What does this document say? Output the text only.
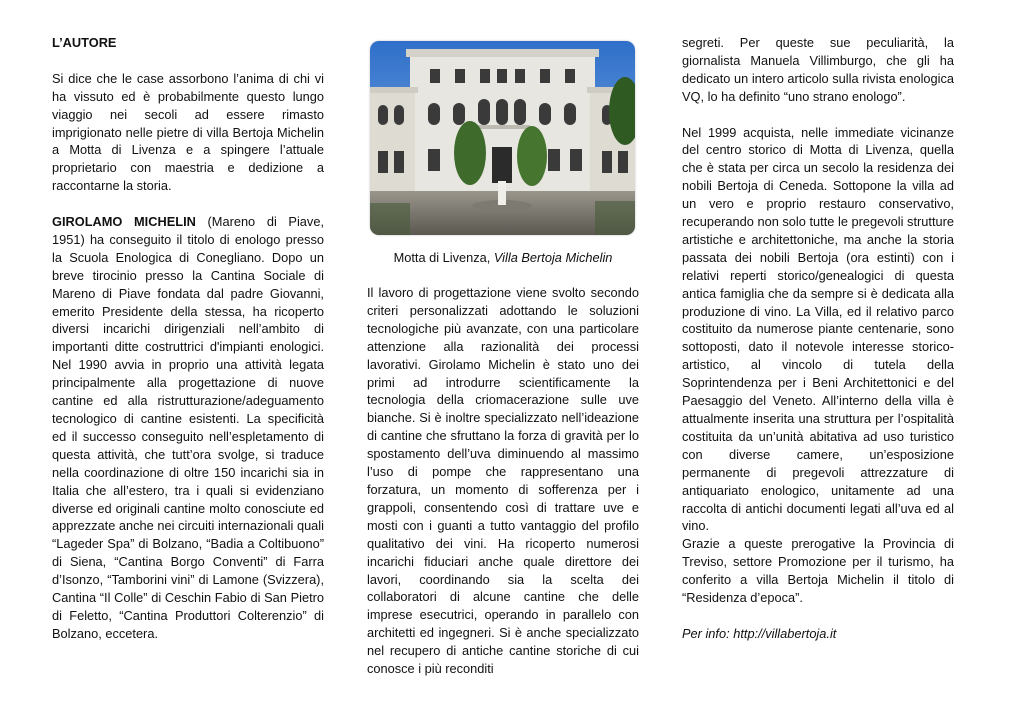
L’AUTORE

Si dice che le case assorbono l’anima di chi vi ha vissuto ed è probabilmente questo lungo viaggio nei secoli ad essere rimasto imprigionato nelle pietre di villa Bertoja Michelin a Motta di Livenza e a spingere l’attuale proprietario con maestria e dedizione a raccontarne la storia.

GIROLAMO MICHELIN (Mareno di Piave, 1951) ha conseguito il titolo di enologo presso la Scuola Enologica di Conegliano. Dopo un breve tirocinio presso la Cantina Sociale di Mareno di Piave fondata dal padre Giovanni, emerito Presidente della stessa, ha ricoperto diversi incarichi dirigenziali nell’ambito di importanti ditte costruttrici d'impianti enologici. Nel 1990 avvia in proprio una attività legata principalmente alla progettazione di nuove cantine ed alla ristrutturazione/adeguamento tecnologico di cantine esistenti. La specificità ed il successo conseguito nell’espletamento di questa attività, che tutt’ora svolge, si traduce nella coordinazione di oltre 150 incarichi sia in Italia che all’estero, tra i quali si evidenziano diverse ed originali cantine molto conosciute ed apprezzate anche nei circuiti internazionali quali “Lageder Spa” di Bolzano, “Badia a Coltibuono” di Siena, “Cantina Borgo Conventi” di Farra d’Isonzo, “Tamborini vini” di Lamone (Svizzera), Cantina “Il Colle” di Ceschin Fabio di San Pietro di Feletto, “Cantina Produttori Colterenzio” di Bolzano, eccetera.

Motta di Livenza, Villa Bertoja Michelin

Il lavoro di progettazione viene svolto secondo criteri personalizzati adottando le soluzioni tecnologiche più avanzate, con una particolare attenzione alla razionalità dei processi lavorativi. Girolamo Michelin è stato uno dei primi ad introdurre scientificamente la tecnologia della criomacerazione sulle uve bianche. Si è inoltre specializzato nell’ideazione di cantine che sfruttano la forza di gravità per lo spostamento dell’uva diminuendo al massimo l’uso di pompe che rappresentano una forzatura, un momento di sofferenza per i grappoli, consentendo così di trattare uve e mosti con i guanti a tutto vantaggio del profilo qualitativo dei vini. Ha ricoperto numerosi incarichi fiduciari anche quale direttore dei lavori, coordinando sia la scelta dei collaboratori di alcune cantine che delle imprese esecutrici, operando in parallelo con architetti ed ingegneri. Si è anche specializzato nel recupero di antiche cantine storiche di cui conosce i più reconditi

segreti. Per queste sue peculiarità, la giornalista Manuela Villimburgo, che gli ha dedicato un intero articolo sulla rivista enologica VQ, lo ha definito “uno strano enologo”.

Nel 1999 acquista, nelle immediate vicinanze del centro storico di Motta di Livenza, quella che è stata per circa un secolo la residenza dei nobili Bertoja di Ceneda. Sottopone la villa ad un vero e proprio restauro conservativo, recuperando non solo tutte le pregevoli strutture artistiche e architettoniche, ma anche la storia passata dei nobili Bertoja (ora estinti) con i relativi reperti storico/genealogici di questa antica famiglia che da sempre si è dedicata alla produzione di vino. La Villa, ed il relativo parco costituito da numerose piante centenarie, sono sottoposti, dato il notevole interesse storico-artistico, al vincolo di tutela della Soprintendenza per i Beni Architettonici e del Paesaggio del Veneto. All’interno della villa è attualmente inserita una struttura per l’ospitalità costituita da un’unità abitativa ad uso turistico con diverse camere, un’esposizione permanente di pregevoli attrezzature di antiquariato enologico, unitamente ad una raccolta di antichi documenti legati all’uva ed al vino.

Grazie a queste prerogative la Provincia di Treviso, settore Promozione per il turismo, ha conferito a villa Bertoja Michelin il titolo di “Residenza d’epoca”.

Per info: http://villabertoja.it
